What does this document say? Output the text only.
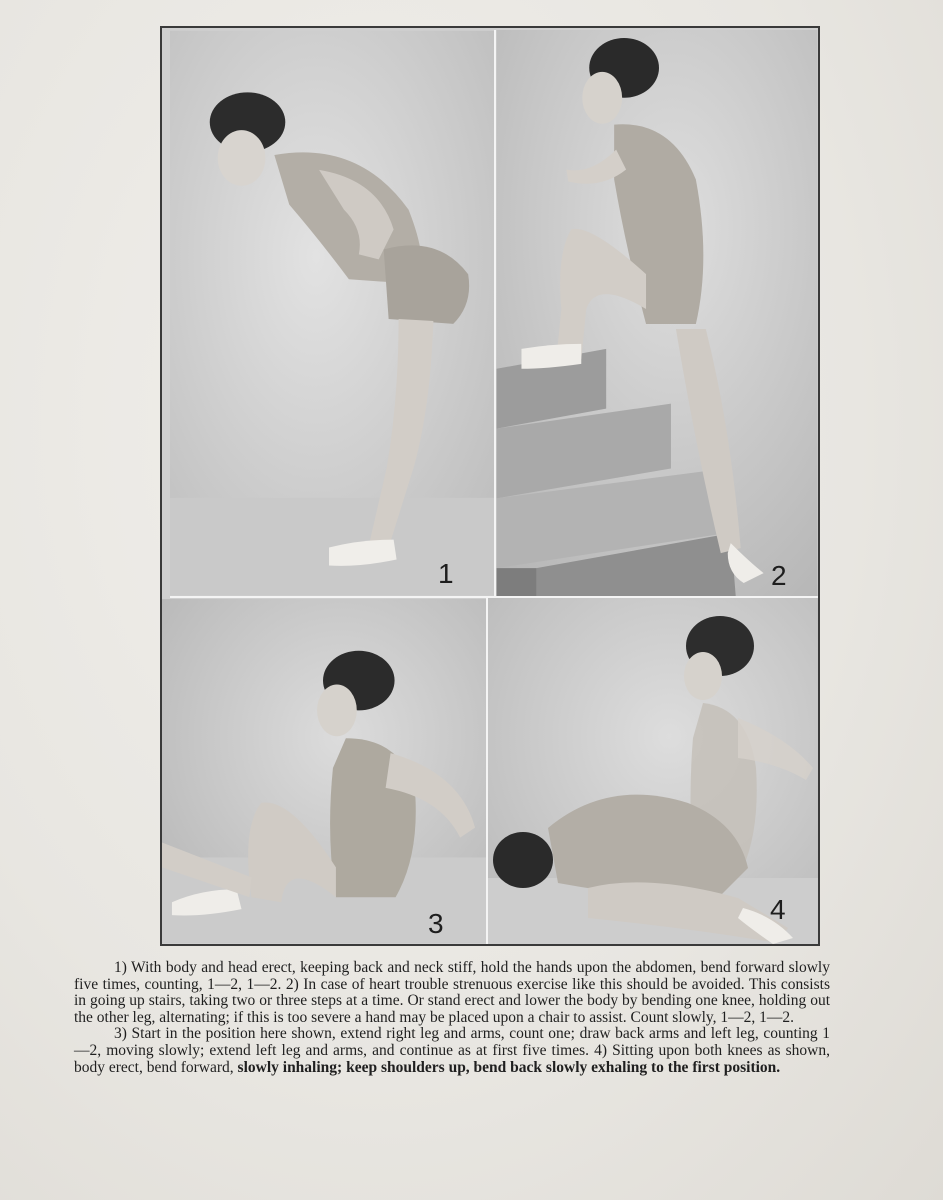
1	2
3	4

1) With body and head erect, keeping back and neck stiff, hold the hands upon the abdomen, bend forward slowly five times, counting, 1—2, 1—2. 2) In case of heart trouble strenuous exercise like this should be avoided. This consists in going up stairs, taking two or three steps at a time. Or stand erect and lower the body by bending one knee, holding out the other leg, alternating; if this is too severe a hand may be placed upon a chair to assist. Count slowly, 1—2, 1—2.

3) Start in the position here shown, extend right leg and arms, count one; draw back arms and left leg, counting 1—2, moving slowly; extend left leg and arms, and continue as at first five times. 4) Sitting upon both knees as shown, body erect, bend forward, slowly inhaling; keep shoulders up, bend back slowly exhaling to the first position.
